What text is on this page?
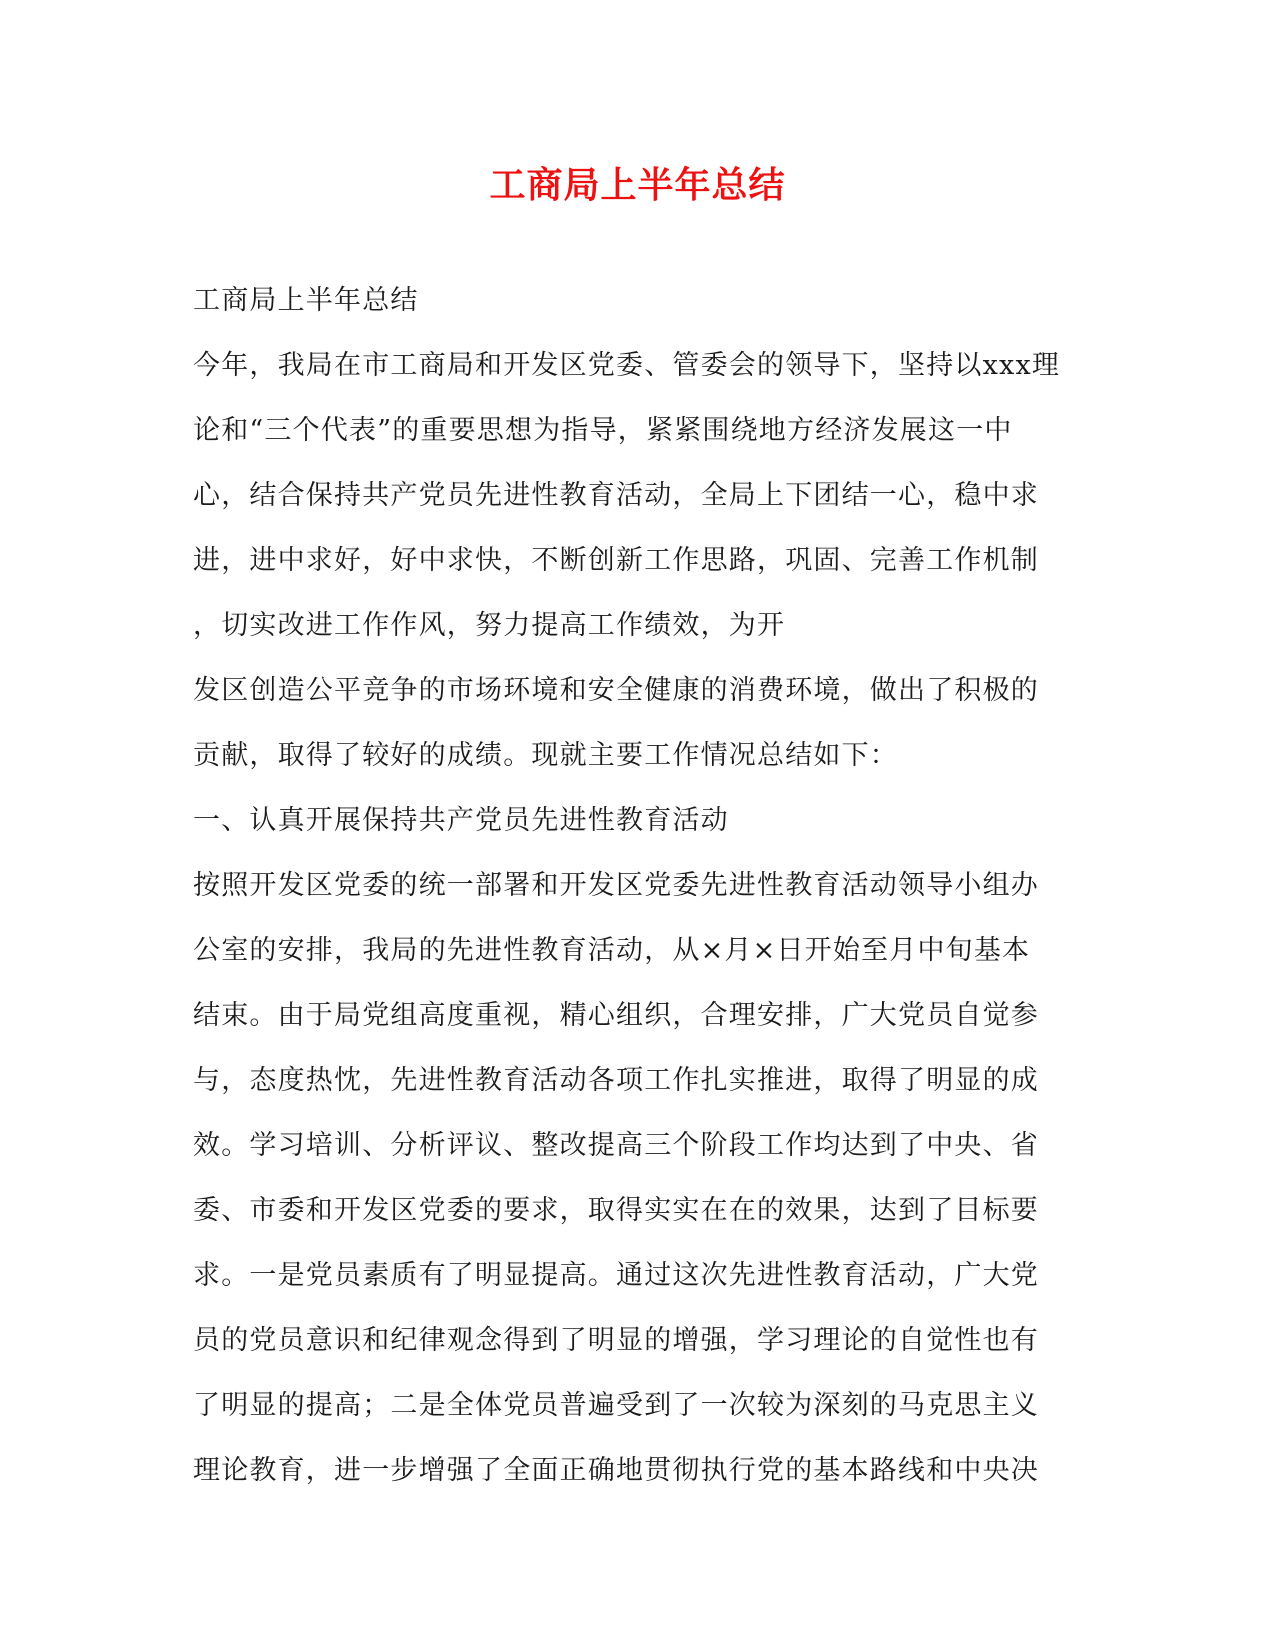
工商局上半年总结
工商局上半年总结
今年，我局在市工商局和开发区党委、管委会的领导下，坚持以xxx理
论和“三个代表”的重要思想为指导，紧紧围绕地方经济发展这一中
心，结合保持共产党员先进性教育活动，全局上下团结一心，稳中求
进，进中求好，好中求快，不断创新工作思路，巩固、完善工作机制
，切实改进工作作风，努力提高工作绩效，为开
发区创造公平竞争的市场环境和安全健康的消费环境，做出了积极的
贡献，取得了较好的成绩。现就主要工作情况总结如下：
一、认真开展保持共产党员先进性教育活动
按照开发区党委的统一部署和开发区党委先进性教育活动领导小组办
公室的安排，我局的先进性教育活动，从×月×日开始至月中旬基本
结束。由于局党组高度重视，精心组织，合理安排，广大党员自觉参
与，态度热忱，先进性教育活动各项工作扎实推进，取得了明显的成
效。学习培训、分析评议、整改提高三个阶段工作均达到了中央、省
委、市委和开发区党委的要求，取得实实在在的效果，达到了目标要
求。一是党员素质有了明显提高。通过这次先进性教育活动，广大党
员的党员意识和纪律观念得到了明显的增强，学习理论的自觉性也有
了明显的提高；二是全体党员普遍受到了一次较为深刻的马克思主义
理论教育，进一步增强了全面正确地贯彻执行党的基本路线和中央决
